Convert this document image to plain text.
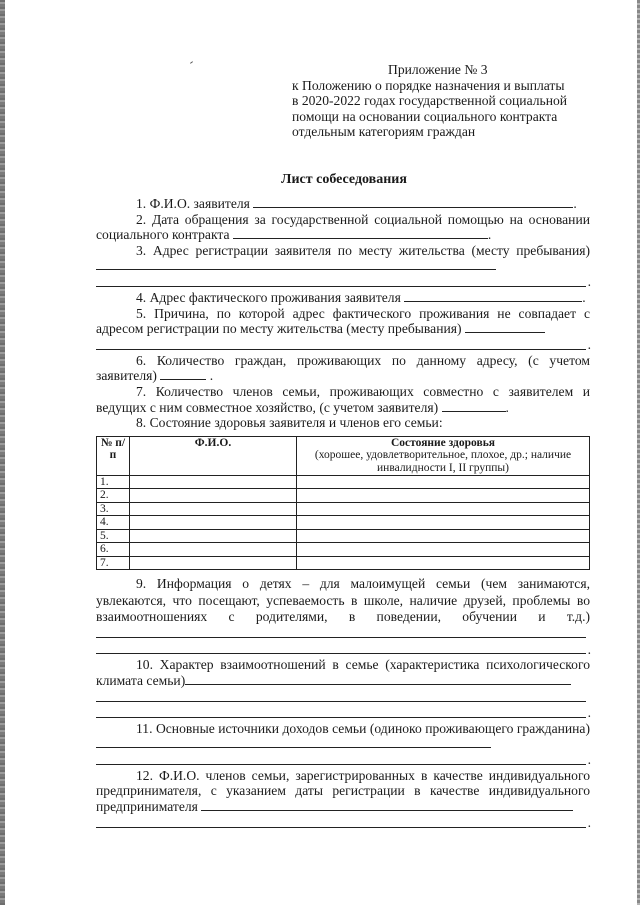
Приложение № 3
к Положению о порядке назначения и выплаты
в 2020-2022 годах государственной социальной
помощи на основании социального контракта
отдельным категориям граждан
Лист собеседования

1. Ф.И.О. заявителя	.

2. Дата обращения за государственной социальной помощью на основании социального контракта	.

3. Адрес регистрации заявителя по месту жительства (месту пребывания)

.

4. Адрес фактического проживания заявителя	.

5. Причина, по которой адрес фактического проживания не совпадает с адресом регистрации по месту жительства (месту пребывания)

.

6. Количество граждан, проживающих по данному адресу, (с учетом заявителя)	.

7. Количество членов семьи, проживающих совместно с заявителем и ведущих с ним совместное хозяйство, (с учетом заявителя)	.

8. Состояние здоровья заявителя и членов его семьи:

№ п/п	Ф.И.О.	Состояние здоровья
(хорошее, удовлетворительное, плохое, др.; наличие инвалидности I, II группы)

1.		
2.		
3.		
4.		
5.		
6.		
7.		

9. Информация о детях – для малоимущей семьи (чем занимаются, увлекаются, что посещают, успеваемость в школе, наличие друзей, проблемы во взаимоотношениях с родителями, в поведении, обучении и т.д.)

.

10. Характер взаимоотношений в семье (характеристика психологического климата семьи)

.

11. Основные источники доходов семьи (одиноко проживающего гражданина)

.

12. Ф.И.О. членов семьи, зарегистрированных в качестве индивидуального предпринимателя, с указанием даты регистрации в качестве индивидуального предпринимателя

.
